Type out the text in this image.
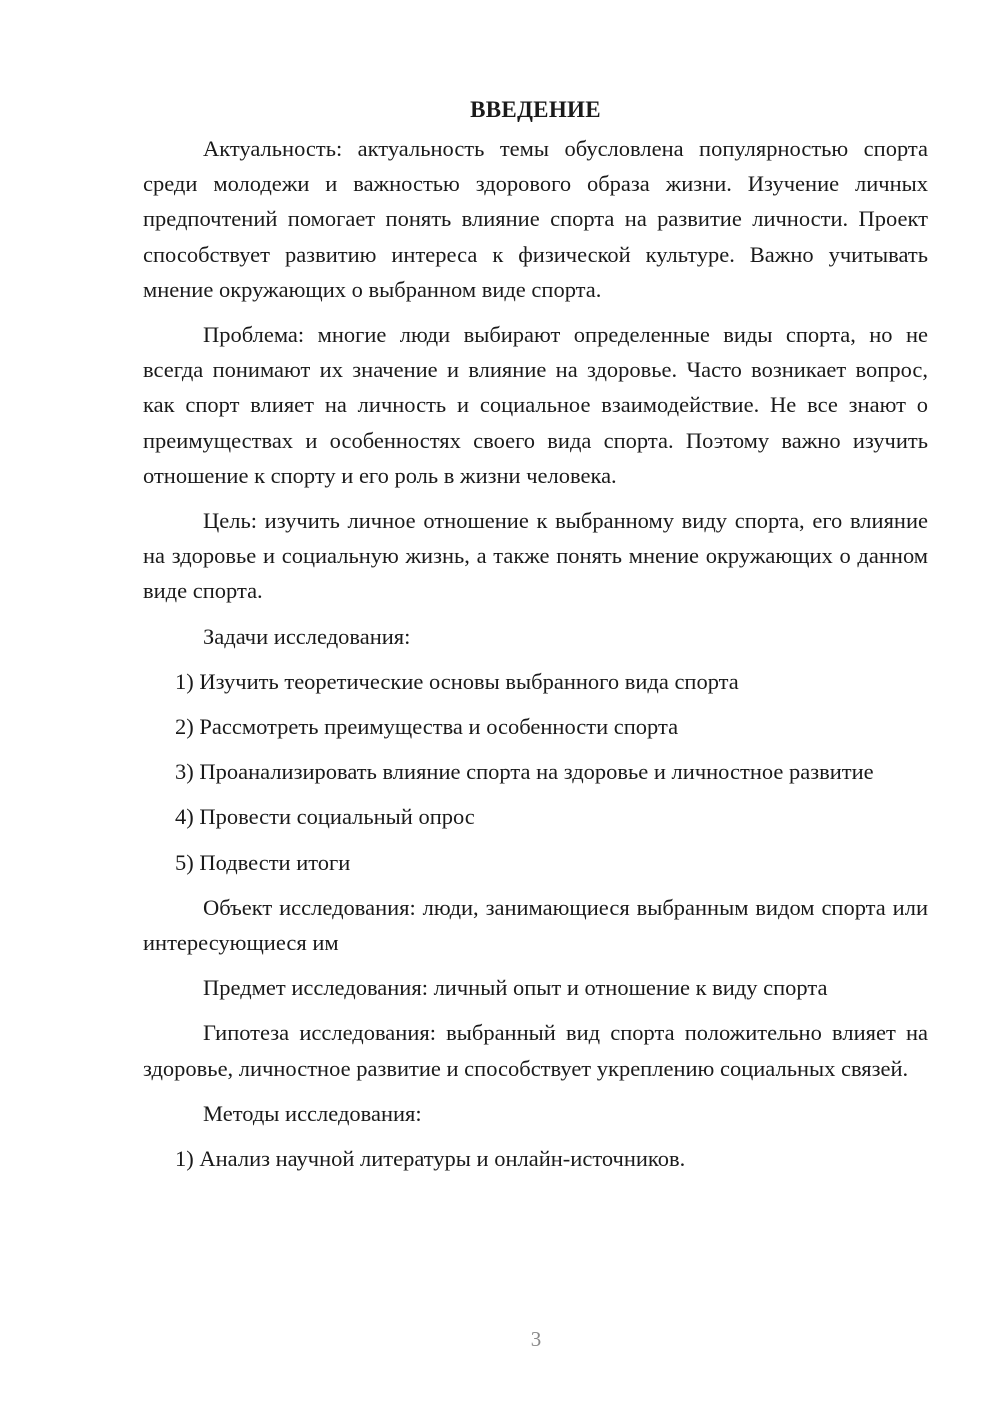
ВВЕДЕНИЕ

Актуальность: актуальность темы обусловлена популярностью спорта среди молодежи и важностью здорового образа жизни. Изучение личных предпочтений помогает понять влияние спорта на развитие личности. Проект способствует развитию интереса к физической культуре. Важно учитывать мнение окружающих о выбранном виде спорта.

Проблема: многие люди выбирают определенные виды спорта, но не всегда понимают их значение и влияние на здоровье. Часто возникает вопрос, как спорт влияет на личность и социальное взаимодействие. Не все знают о преимуществах и особенностях своего вида спорта. Поэтому важно изучить отношение к спорту и его роль в жизни человека.

Цель: изучить личное отношение к выбранному виду спорта, его влияние на здоровье и социальную жизнь, а также понять мнение окружающих о данном виде спорта.

Задачи исследования:

1) Изучить теоретические основы выбранного вида спорта

2) Рассмотреть преимущества и особенности спорта

3) Проанализировать влияние спорта на здоровье и личностное развитие

4) Провести социальный опрос

5) Подвести итоги

Объект исследования: люди, занимающиеся выбранным видом спорта или интересующиеся им

Предмет исследования: личный опыт и отношение к виду спорта

Гипотеза исследования: выбранный вид спорта положительно влияет на здоровье, личностное развитие и способствует укреплению социальных связей.

Методы исследования:

1) Анализ научной литературы и онлайн-источников.

3
